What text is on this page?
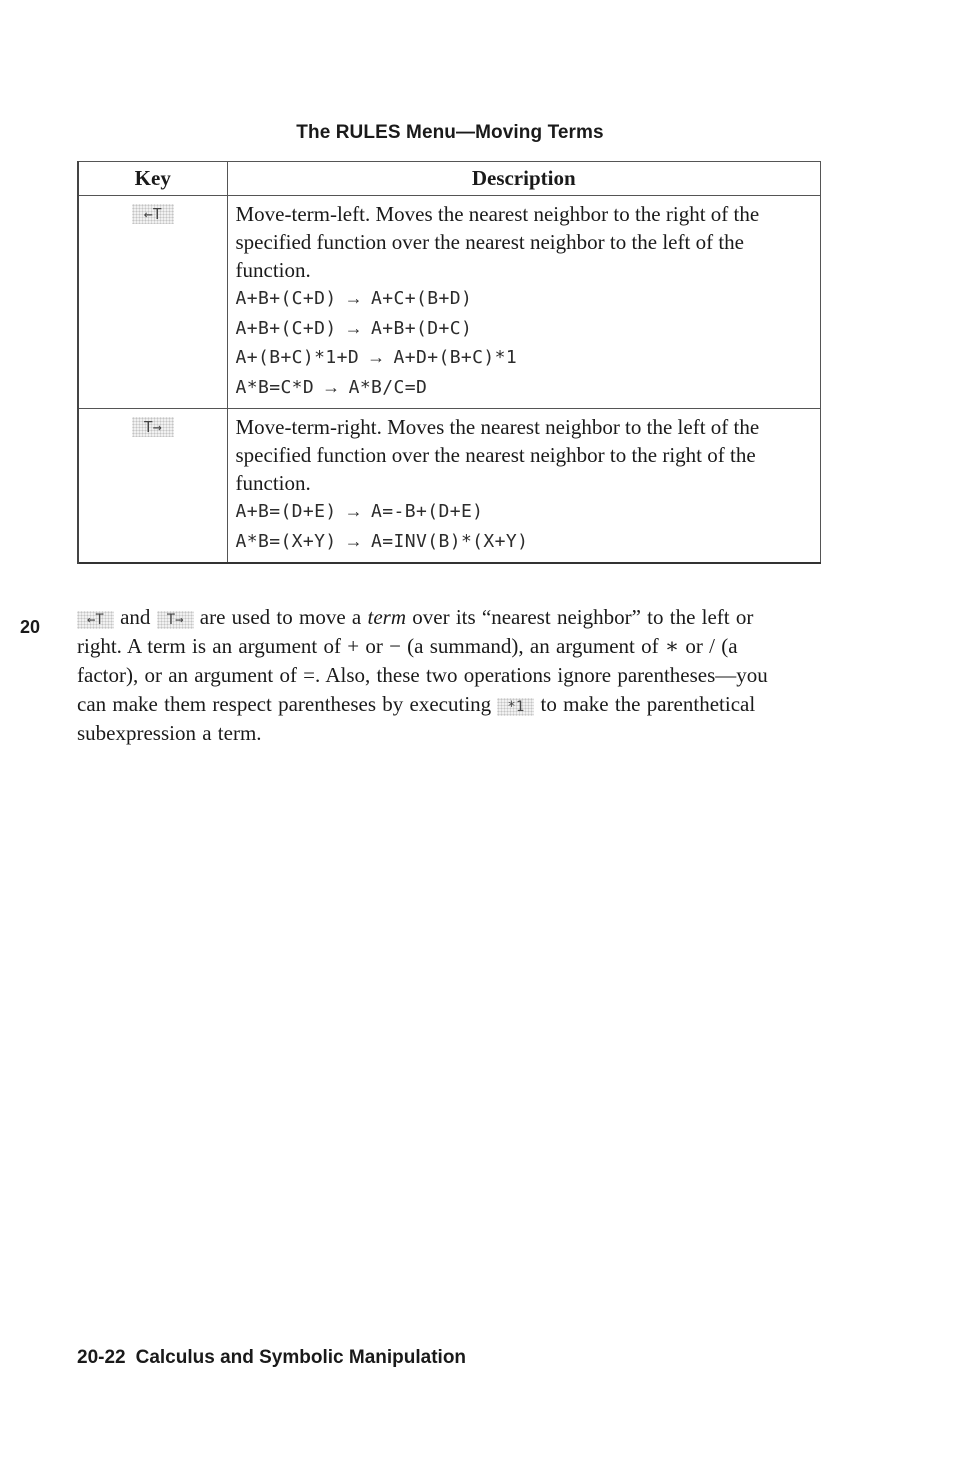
The RULES Menu—Moving Terms
Key	Description
←T	Move-term-left. Moves the nearest neighbor to the right of the specified function over the nearest neighbor to the left of the function.
A+B+(C+D) → A+C+(B+D)
A+B+(C+D) → A+B+(D+C)
A+(B+C)*1+D → A+D+(B+C)*1
A*B=C*D → A*B/C=D

T→	Move-term-right. Moves the nearest neighbor to the left of the specified function over the nearest neighbor to the right of the function.
A+B=(D+E) → A=-B+(D+E)
A*B=(X+Y) → A=INV(B)*(X+Y)
20	←T and T→ are used to move a term over its “nearest neighbor” to the left or right. A term is an argument of + or − (a summand), an argument of ∗ or / (a factor), or an argument of =. Also, these two operations ignore parentheses—you can make them respect parentheses by executing *1 to make the parenthetical subexpression a term.
20-22 Calculus and Symbolic Manipulation
